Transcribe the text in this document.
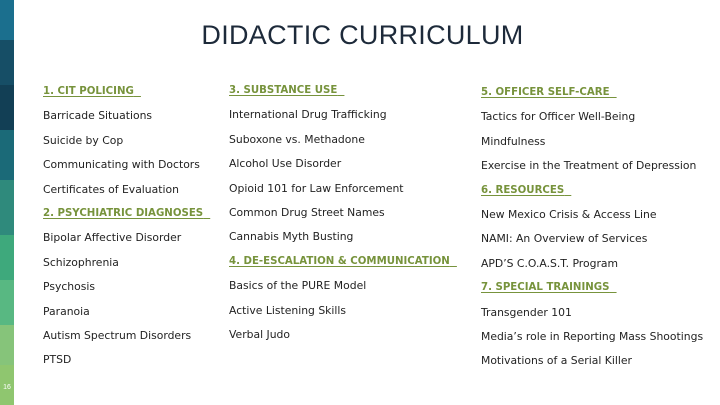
16
DIDACTIC CURRICULUM
1. CIT POLICING
Barricade Situations
Suicide by Cop
Communicating with Doctors
Certificates of Evaluation
2. PSYCHIATRIC DIAGNOSES
Bipolar Affective Disorder
Schizophrenia
Psychosis
Paranoia
Autism Spectrum Disorders
PTSD
3. SUBSTANCE USE
International Drug Trafficking
Suboxone vs. Methadone
Alcohol Use Disorder
Opioid 101 for Law Enforcement
Common Drug Street Names
Cannabis Myth Busting
4. DE-ESCALATION & COMMUNICATION
Basics of the PURE Model
Active Listening Skills
Verbal Judo
5. OFFICER SELF-CARE
Tactics for Officer Well-Being
Mindfulness
Exercise in the Treatment of Depression
6. RESOURCES
New Mexico Crisis & Access Line
NAMI: An Overview of Services
APD’S C.O.A.S.T. Program
7. SPECIAL TRAININGS
Transgender 101
Media’s role in Reporting Mass Shootings
Motivations of a Serial Killer
